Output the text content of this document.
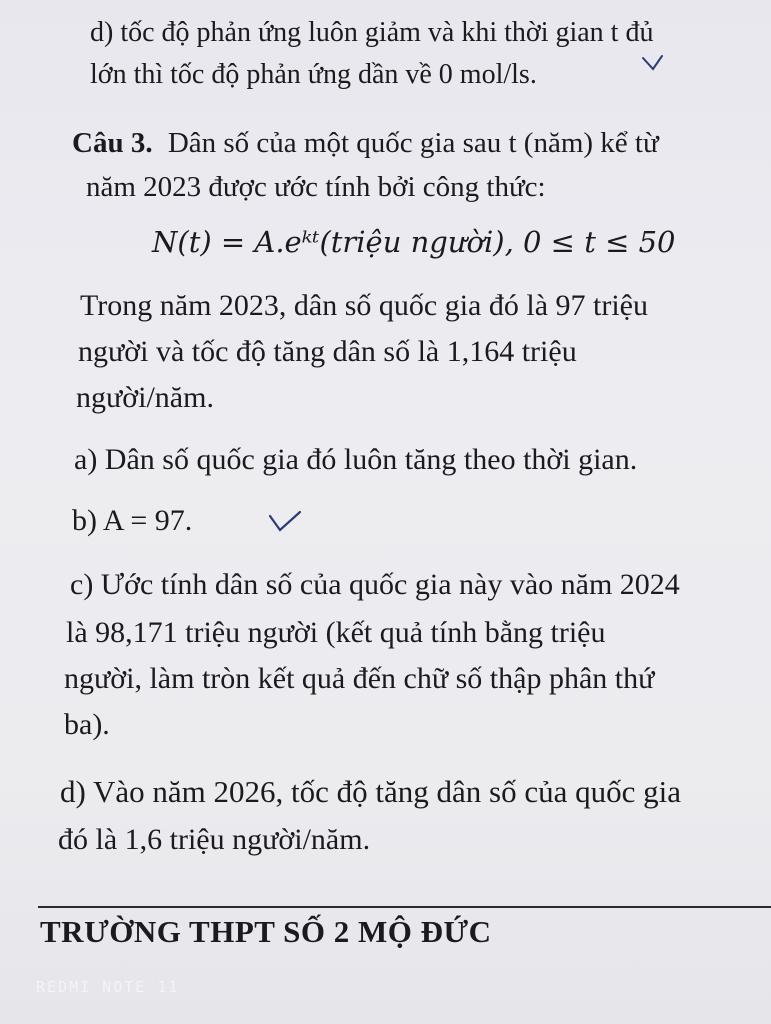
d) tốc độ phản ứng luôn giảm và khi thời gian t đủ
lớn thì tốc độ phản ứng dần về 0 mol/ls.
Câu 3. Dân số của một quốc gia sau t (năm) kể từ
năm 2023 được ước tính bởi công thức:
N(t) = A.eᵏᵗ(triệu người), 0 ≤ t ≤ 50
Trong năm 2023, dân số quốc gia đó là 97 triệu
người và tốc độ tăng dân số là 1,164 triệu
người/năm.
a) Dân số quốc gia đó luôn tăng theo thời gian.
b) A = 97.
c) Ước tính dân số của quốc gia này vào năm 2024
là 98,171 triệu người (kết quả tính bằng triệu
người, làm tròn kết quả đến chữ số thập phân thứ
ba).
d) Vào năm 2026, tốc độ tăng dân số của quốc gia
đó là 1,6 triệu người/năm.
TRƯỜNG THPT SỐ 2 MỘ ĐỨC
REDMI NOTE 11
